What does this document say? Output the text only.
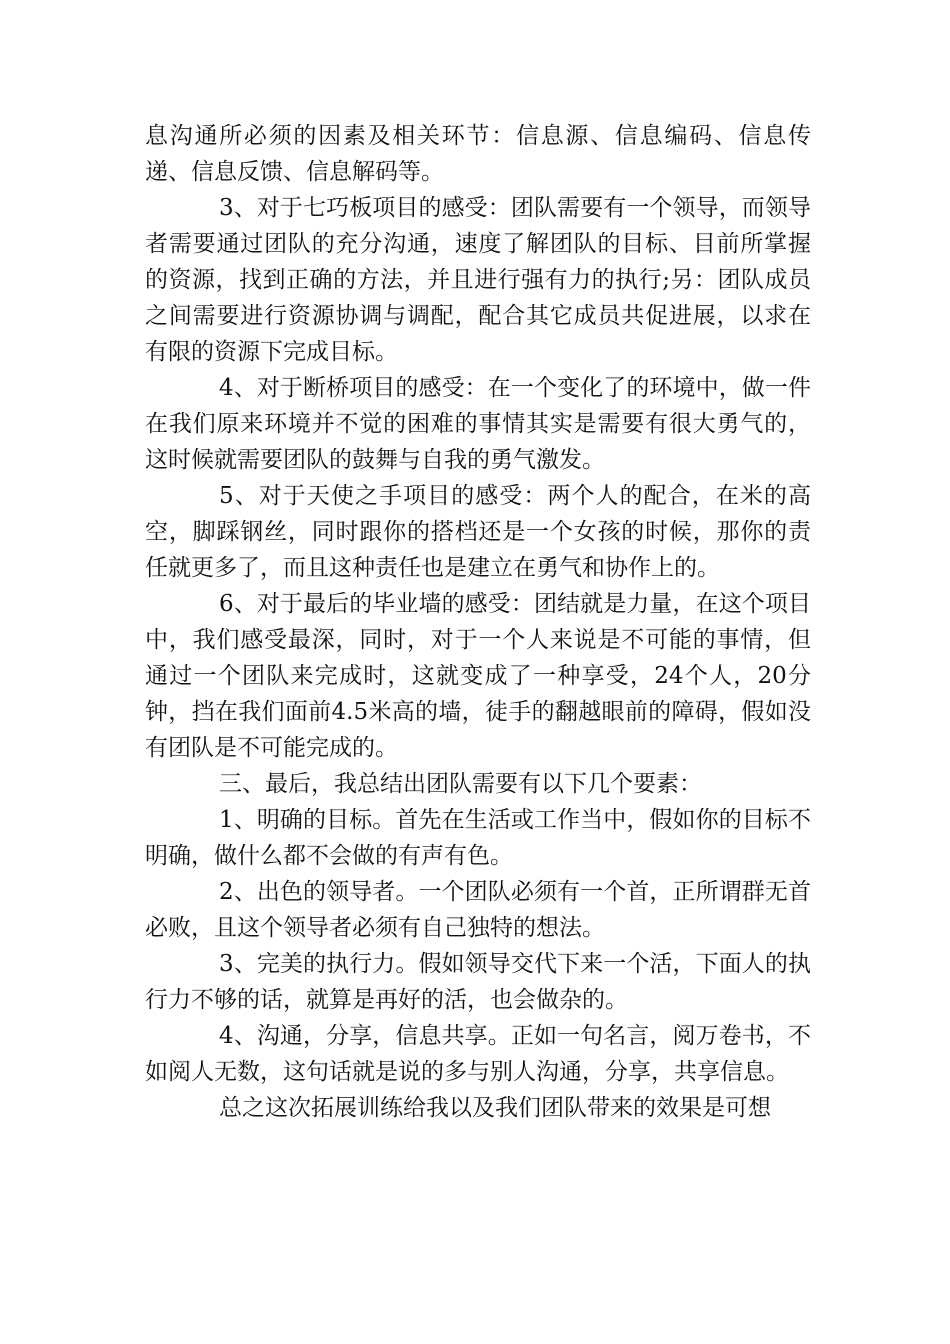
息沟通所必须的因素及相关环节：信息源、信息编码、信息传递、信息反馈、信息解码等。

3、对于七巧板项目的感受：团队需要有一个领导，而领导者需要通过团队的充分沟通，速度了解团队的目标、目前所掌握的资源，找到正确的方法，并且进行强有力的执行;另：团队成员之间需要进行资源协调与调配，配合其它成员共促进展，以求在有限的资源下完成目标。

4、对于断桥项目的感受：在一个变化了的环境中，做一件在我们原来环境并不觉的困难的事情其实是需要有很大勇气的，这时候就需要团队的鼓舞与自我的勇气激发。

5、对于天使之手项目的感受：两个人的配合，在米的高空，脚踩钢丝，同时跟你的搭档还是一个女孩的时候，那你的责任就更多了，而且这种责任也是建立在勇气和协作上的。

6、对于最后的毕业墙的感受：团结就是力量，在这个项目中，我们感受最深，同时，对于一个人来说是不可能的事情，但通过一个团队来完成时，这就变成了一种享受，24个人，20分钟，挡在我们面前4.5米高的墙，徒手的翻越眼前的障碍，假如没有团队是不可能完成的。

三、最后，我总结出团队需要有以下几个要素：

1、明确的目标。首先在生活或工作当中，假如你的目标不明确，做什么都不会做的有声有色。

2、出色的领导者。一个团队必须有一个首，正所谓群无首必败，且这个领导者必须有自己独特的想法。

3、完美的执行力。假如领导交代下来一个活，下面人的执行力不够的话，就算是再好的活，也会做杂的。

4、沟通，分享，信息共享。正如一句名言，阅万卷书，不如阅人无数，这句话就是说的多与别人沟通，分享，共享信息。

总之这次拓展训练给我以及我们团队带来的效果是可想
